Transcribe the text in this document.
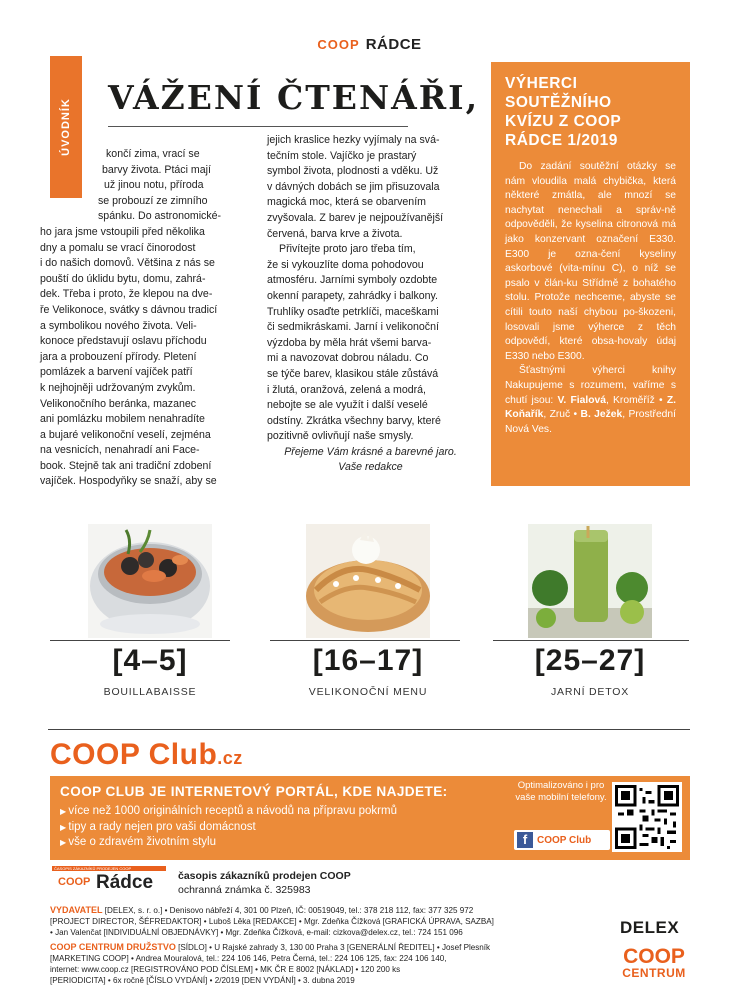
COOP RÁDCE
ÚVODNÍK
VÁŽENÍ ČTENÁŘI,
končí zima, vrací se
barvy života. Ptáci mají
už jinou notu, příroda
se probouzí ze zimního
spánku. Do astronomické-
ho jara jsme vstoupili před několika
dny a pomalu se vrací činorodost
i do našich domovů. Většina z nás se
pouští do úklidu bytu, domu, zahrá-
dek. Třeba i proto, že klepou na dve-
ře Velikonoce, svátky s dávnou tradicí
a symbolikou nového života. Veli-
konoce představují oslavu příchodu
jara a probouzení přírody. Pletení
pomlázek a barvení vajíček patří
k nejhojněji udržovaným zvykům.
Velikonočního beránka, mazanec
ani pomlázku mobilem nenahradíte
a bujaré velikonoční veselí, zejména
na vesnicích, nenahradí ani Face-
book. Stejně tak ani tradiční zdobení
vajíček. Hospodyňky se snaží, aby se
jejich kraslice hezky vyjímaly na svá-
tečním stole. Vajíčko je prastarý
symbol života, plodnosti a vděku. Už
v dávných dobách se jim přisuzovala
magická moc, která se obarvením
zvyšovala. Z barev je nejpoužívanější
červená, barva krve a života.
Přivítejte proto jaro třeba tím,
že si vykouzlíte doma pohodovou
atmosféru. Jarními symboly ozdobte
okenní parapety, zahrádky i balkony.
Truhlíky osaďte petrklíči, maceškami
či sedmikráskami. Jarní i velikonoční
výzdoba by měla hrát všemi barva-
mi a navozovat dobrou náladu. Co
se týče barev, klasikou stále zůstává
i žlutá, oranžová, zelená a modrá,
nebojte se ale využít i další veselé
odstíny. Zkrátka všechny barvy, které
pozitivně ovlivňují naše smysly.

Přejeme Vám krásné a barevné jaro.

Vaše redakce

VÝHERCI
SOUTĚŽNÍHO
KVÍZU Z COOP
RÁDCE 1/2019

Do zadání soutěžní otázky se nám vloudila malá chybička, která některé zmátla, ale mnozí se nachytat nenechali a správ-ně odpověděli, že kyselina citronová má jako konzervant označení E330. E300 je ozna-čení kyseliny askorbové (vita-mínu C), o níž se psalo v člán-ku Střídmě z bohatého stolu. Protože nechceme, abyste se cítili touto naší chybou po-škozeni, losovali jsme výherce z těch odpovědí, které obsa-hovaly údaj E330 nebo E300.

Šťastnými výherci knihy Nakupujeme s rozumem, vaříme s chutí jsou: V. Fialová, Kroměříž • Z. Koňařík, Zruč • B. Ježek, Prostřední Nová Ves.

[4–5]
BOUILLABAISSE
[16–17]
VELIKONOČNÍ MENU
[25–27]
JARNÍ DETOX
COOP Club.cz
COOP CLUB JE INTERNETOVÝ PORTÁL, KDE NAJDETE:
▶ více než 1000 originálních receptů a návodů na přípravu pokrmů
▶ tipy a rady nejen pro vaši domácnost
▶ vše o zdravém životním stylu
Optimalizováno i pro vaše mobilní telefony.
f COOP Club
ČASOPIS ZÁKAZNÍKŮ PRODEJEN COOP
COOP Rádce časopis zákazníků prodejen COOP
ochranná známka č. 325983
VYDAVATEL [DELEX, s. r. o.] • Denisovo nábřeží 4, 301 00 Plzeň, IČ: 00519049, tel.: 378 218 112, fax: 377 325 972
[PROJECT DIRECTOR, ŠÉFREDAKTOR] • Luboš Lěka [REDAKCE] • Mgr. Zdeňka Čížková [GRAFICKÁ ÚPRAVA, SAZBA]
• Jan Valenčat [INDIVIDUÁLNÍ OBJEDNÁVKY] • Mgr. Zdeňka Čížková, e-mail: cizkova@delex.cz, tel.: 724 151 096
COOP CENTRUM DRUŽSTVO [SÍDLO] • U Rajské zahrady 3, 130 00 Praha 3 [GENERÁLNÍ ŘEDITEL] • Josef Plesník
[MARKETING COOP] • Andrea Mouralová, tel.: 224 106 146, Petra Černá, tel.: 224 106 125, fax: 224 106 140,
internet: www.coop.cz [REGISTROVÁNO POD ČÍSLEM] • MK ČR E 8002 [NÁKLAD] • 120 200 ks
[PERIODICITA] • 6x ročně [ČÍSLO VYDÁNÍ] • 2/2019 [DEN VYDÁNÍ] • 3. dubna 2019
DELEX
COOP
CENTRUM
